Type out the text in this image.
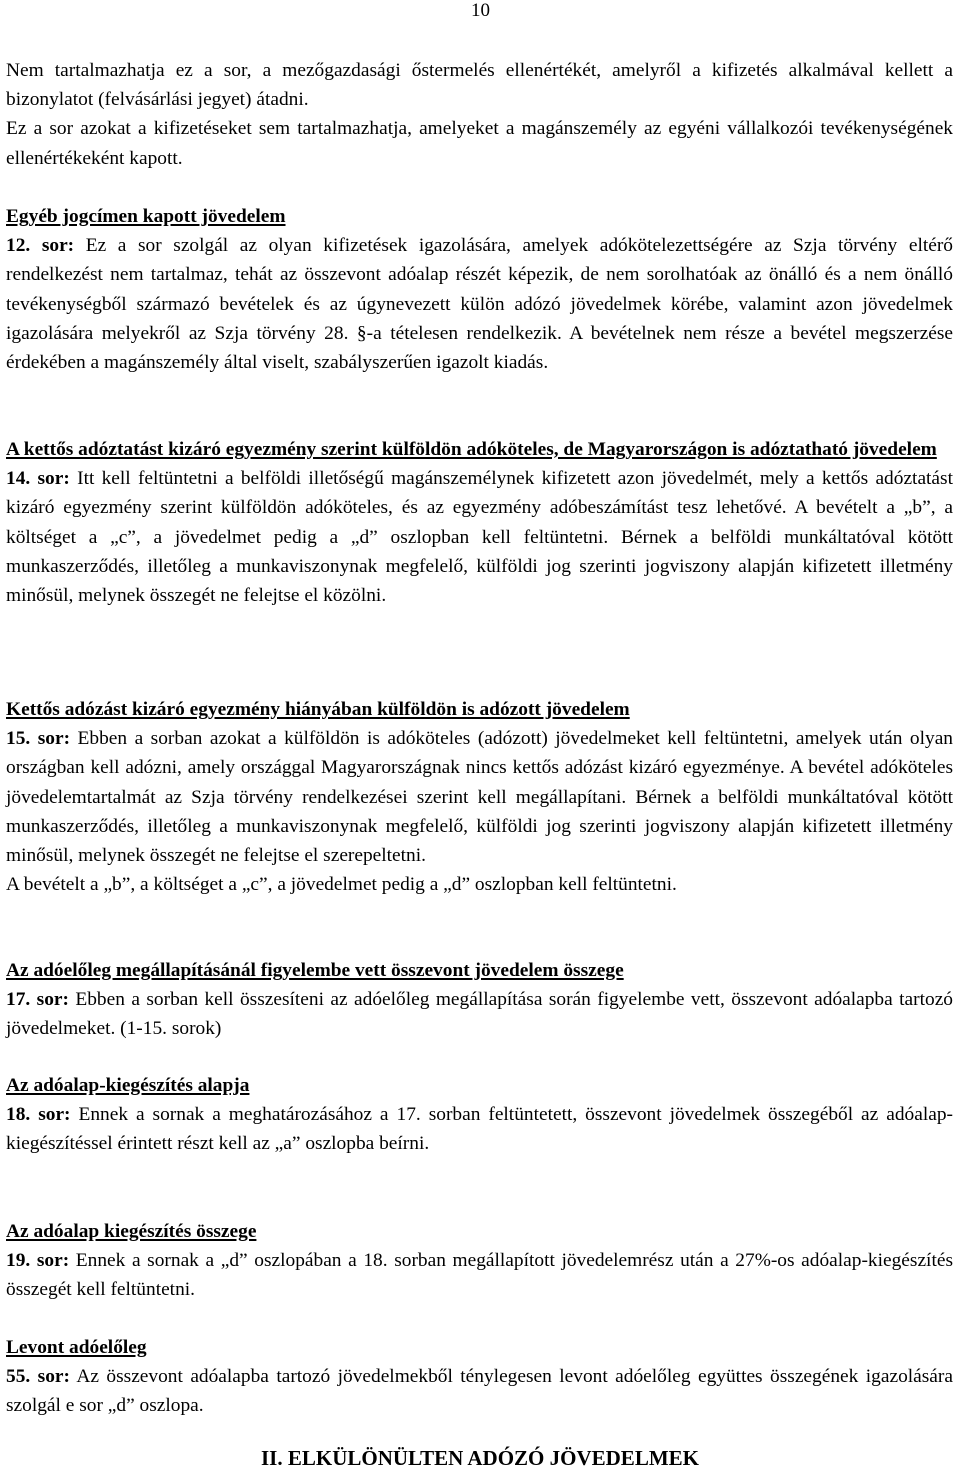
10

Nem tartalmazhatja ez a sor, a mezőgazdasági őstermelés ellenértékét, amelyről a kifizetés alkalmával kellett a bizonylatot (felvásárlási jegyet) átadni.

Ez a sor azokat a kifizetéseket sem tartalmazhatja, amelyeket a magánszemély az egyéni vállalkozói tevékenységének ellenértékeként kapott.

Egyéb jogcímen kapott jövedelem

12. sor: Ez a sor szolgál az olyan kifizetések igazolására, amelyek adókötelezettségére az Szja törvény eltérő rendelkezést nem tartalmaz, tehát az összevont adóalap részét képezik, de nem sorolhatóak az önálló és a nem önálló tevékenységből származó bevételek és az úgynevezett külön adózó jövedelmek körébe, valamint azon jövedelmek igazolására melyekről az Szja törvény 28. §-a tételesen rendelkezik. A bevételnek nem része a bevétel megszerzése érdekében a magánszemély által viselt, szabályszerűen igazolt kiadás.

A kettős adóztatást kizáró egyezmény szerint külföldön adóköteles, de Magyarországon is adóztatható jövedelem

14. sor: Itt kell feltüntetni a belföldi illetőségű magánszemélynek kifizetett azon jövedelmét, mely a kettős adóztatást kizáró egyezmény szerint külföldön adóköteles, és az egyezmény adóbeszámítást tesz lehetővé. A bevételt a „b”, a költséget a „c”, a jövedelmet pedig a „d” oszlopban kell feltüntetni. Bérnek a belföldi munkáltatóval kötött munkaszerződés, illetőleg a munkaviszonynak megfelelő, külföldi jog szerinti jogviszony alapján kifizetett illetmény minősül, melynek összegét ne felejtse el közölni.

Kettős adózást kizáró egyezmény hiányában külföldön is adózott jövedelem

15. sor: Ebben a sorban azokat a külföldön is adóköteles (adózott) jövedelmeket kell feltüntetni, amelyek után olyan országban kell adózni, amely országgal Magyarországnak nincs kettős adózást kizáró egyezménye. A bevétel adóköteles jövedelemtartalmát az Szja törvény rendelkezései szerint kell megállapítani. Bérnek a belföldi munkáltatóval kötött munkaszerződés, illetőleg a munkaviszonynak megfelelő, külföldi jog szerinti jogviszony alapján kifizetett illetmény minősül, melynek összegét ne felejtse el szerepeltetni.

A bevételt a „b”, a költséget a „c”, a jövedelmet pedig a „d” oszlopban kell feltüntetni.

Az adóelőleg megállapításánál figyelembe vett összevont jövedelem összege

17. sor: Ebben a sorban kell összesíteni az adóelőleg megállapítása során figyelembe vett, összevont adóalapba tartozó jövedelmeket. (1-15. sorok)

Az adóalap-kiegészítés alapja

18. sor: Ennek a sornak a meghatározásához a 17. sorban feltüntetett, összevont jövedelmek összegéből az adóalap-kiegészítéssel érintett részt kell az „a” oszlopba beírni.

Az adóalap kiegészítés összege

19. sor: Ennek a sornak a „d” oszlopában a 18. sorban megállapított jövedelemrész után a 27%-os adóalap-kiegészítés összegét kell feltüntetni.

Levont adóelőleg

55. sor: Az összevont adóalapba tartozó jövedelmekből ténylegesen levont adóelőleg együttes összegének igazolására szolgál e sor „d” oszlopa.

II. ELKÜLÖNÜLTEN ADÓZÓ JÖVEDELMEK
